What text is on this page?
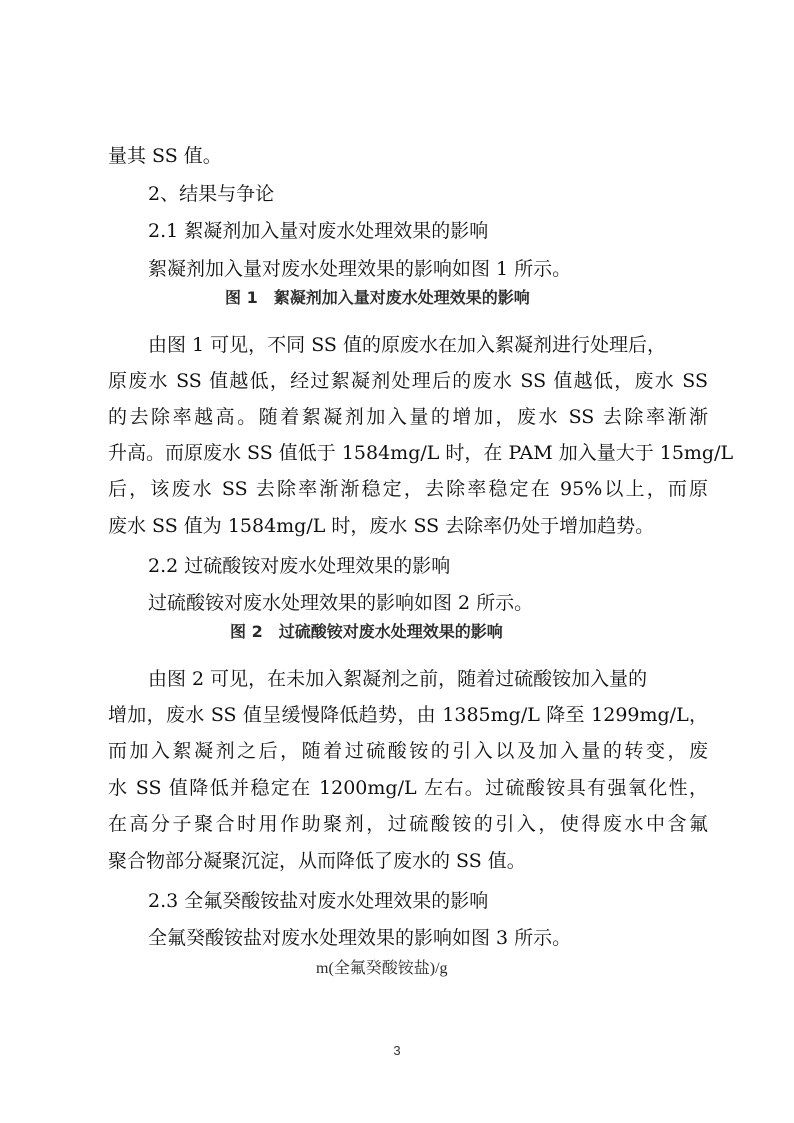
量其 SS 值。
2、结果与争论
2.1 絮凝剂加入量对废水处理效果的影响
絮凝剂加入量对废水处理效果的影响如图 1 所示。
图 1　絮凝剂加入量对废水处理效果的影响
由图 1 可见，不同 SS 值的原废水在加入絮凝剂进行处理后，
原废水 SS 值越低，经过絮凝剂处理后的废水 SS 值越低，废水 SS
的去除率越高。随着絮凝剂加入量的增加，废水 SS 去除率渐渐
升高。而原废水 SS 值低于 1584mg/L 时，在 PAM 加入量大于 15mg/L
后，该废水 SS 去除率渐渐稳定，去除率稳定在 95%以上，而原
废水 SS 值为 1584mg/L 时，废水 SS 去除率仍处于增加趋势。
2.2 过硫酸铵对废水处理效果的影响
过硫酸铵对废水处理效果的影响如图 2 所示。
图 2　过硫酸铵对废水处理效果的影响
由图 2 可见，在未加入絮凝剂之前，随着过硫酸铵加入量的
增加，废水 SS 值呈缓慢降低趋势，由 1385mg/L 降至 1299mg/L，
而加入絮凝剂之后，随着过硫酸铵的引入以及加入量的转变，废
水 SS 值降低并稳定在 1200mg/L 左右。过硫酸铵具有强氧化性，
在高分子聚合时用作助聚剂，过硫酸铵的引入，使得废水中含氟
聚合物部分凝聚沉淀，从而降低了废水的 SS 值。
2.3 全氟癸酸铵盐对废水处理效果的影响
全氟癸酸铵盐对废水处理效果的影响如图 3 所示。
m(全氟癸酸铵盐)/g
3
